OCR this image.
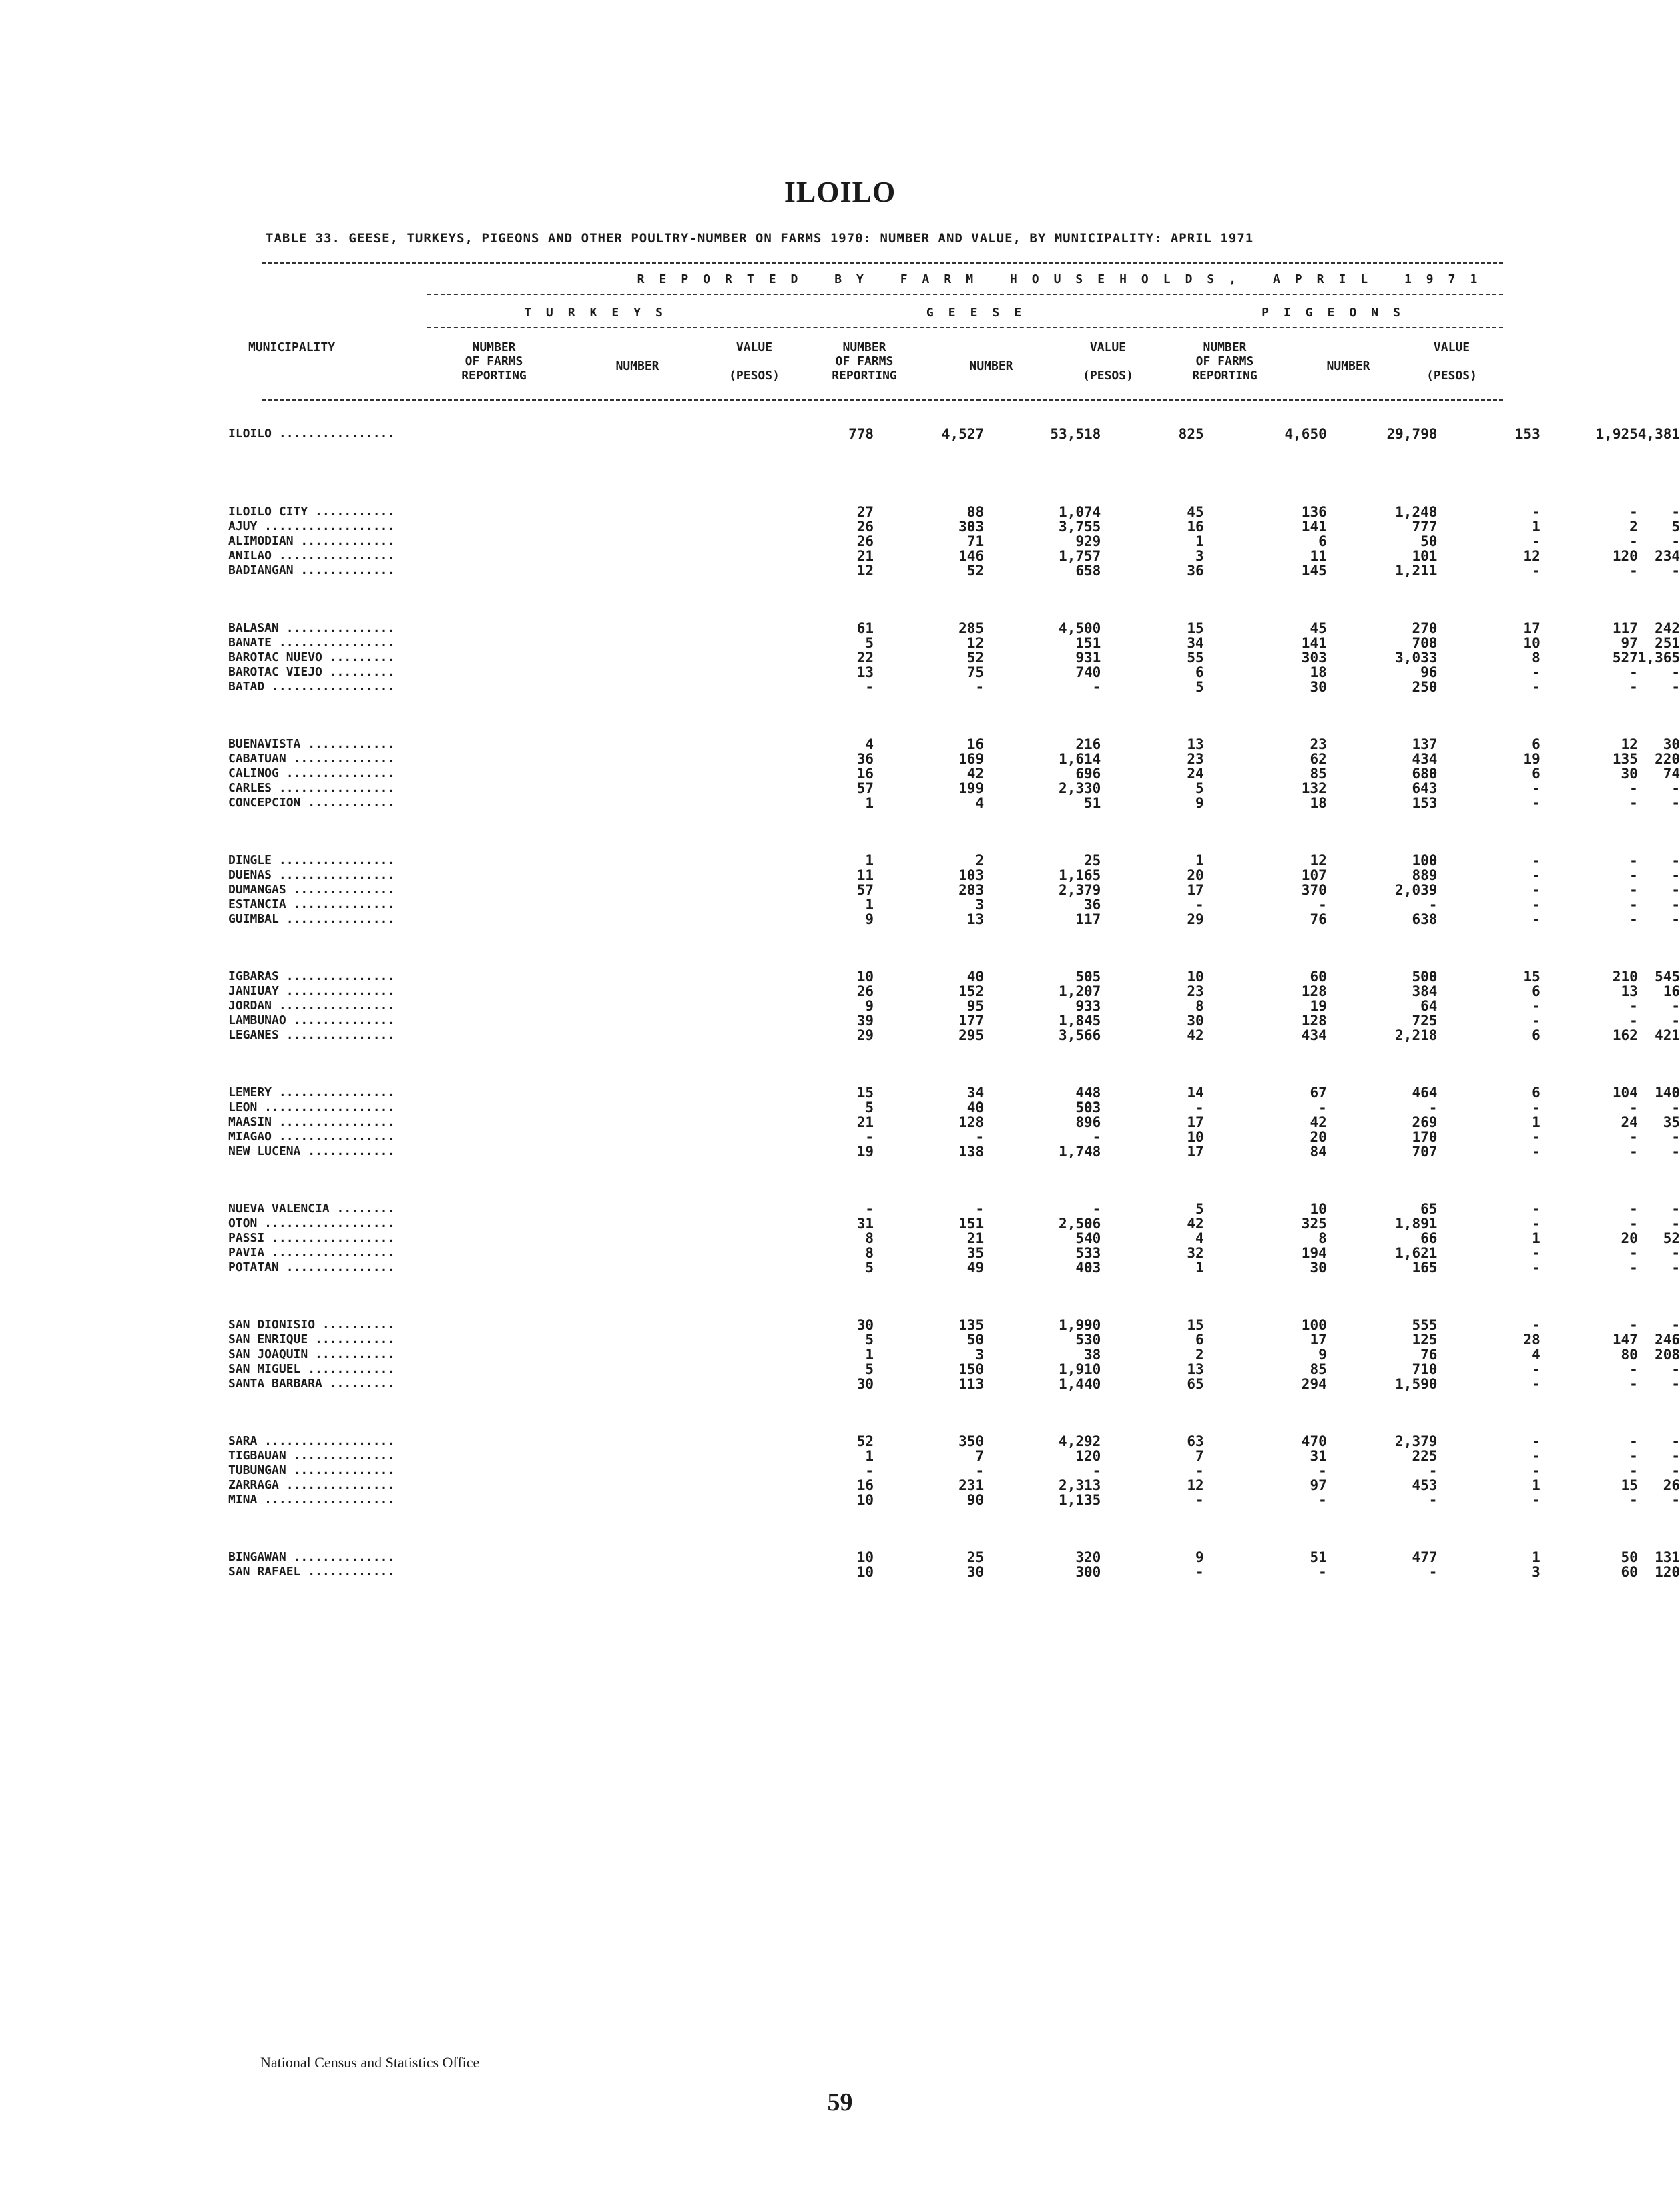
ILOILO
TABLE 33. GEESE, TURKEYS, PIGEONS AND OTHER POULTRY-NUMBER ON FARMS 1970: NUMBER AND VALUE, BY MUNICIPALITY: APRIL 1971
REPORTED BY FARM HOUSEHOLDS, APRIL 1971
TURKEYS	GEESE	PIGEONS
MUNICIPALITY	NUMBER
OF FARMS
REPORTING
NUMBER
VALUE

(PESOS)
NUMBER
OF FARMS
REPORTING
NUMBER
VALUE

(PESOS)
NUMBER
OF FARMS
REPORTING
NUMBER
VALUE

(PESOS)
ILOILO ................		778	4,527	53,518	825	4,650	29,798	153	1,925	4,381

ILOILO CITY ...........		27	88	1,074	45	136	1,248	-	-	-
AJUY ..................		26	303	3,755	16	141	777	1	2	5
ALIMODIAN .............		26	71	929	1	6	50	-	-	-
ANILAO ................		21	146	1,757	3	11	101	12	120	234
BADIANGAN .............		12	52	658	36	145	1,211	-	-	-

BALASAN ...............		61	285	4,500	15	45	270	17	117	242
BANATE ................		5	12	151	34	141	708	10	97	251
BAROTAC NUEVO .........		22	52	931	55	303	3,033	8	527	1,365
BAROTAC VIEJO .........		13	75	740	6	18	96	-	-	-
BATAD .................		-	-	-	5	30	250	-	-	-

BUENAVISTA ............		4	16	216	13	23	137	6	12	30
CABATUAN ..............		36	169	1,614	23	62	434	19	135	220
CALINOG ...............		16	42	696	24	85	680	6	30	74
CARLES ................		57	199	2,330	5	132	643	-	-	-
CONCEPCION ............		1	4	51	9	18	153	-	-	-

DINGLE ................		1	2	25	1	12	100	-	-	-
DUENAS ................		11	103	1,165	20	107	889	-	-	-
DUMANGAS ..............		57	283	2,379	17	370	2,039	-	-	-
ESTANCIA ..............		1	3	36	-	-	-	-	-	-
GUIMBAL ...............		9	13	117	29	76	638	-	-	-

IGBARAS ...............		10	40	505	10	60	500	15	210	545
JANIUAY ...............		26	152	1,207	23	128	384	6	13	16
JORDAN ................		9	95	933	8	19	64	-	-	-
LAMBUNAO ..............		39	177	1,845	30	128	725	-	-	-
LEGANES ...............		29	295	3,566	42	434	2,218	6	162	421

LEMERY ................		15	34	448	14	67	464	6	104	140
LEON ..................		5	40	503	-	-	-	-	-	-
MAASIN ................		21	128	896	17	42	269	1	24	35
MIAGAO ................		-	-	-	10	20	170	-	-	-
NEW LUCENA ............		19	138	1,748	17	84	707	-	-	-

NUEVA VALENCIA ........		-	-	-	5	10	65	-	-	-
OTON ..................		31	151	2,506	42	325	1,891	-	-	-
PASSI .................		8	21	540	4	8	66	1	20	52
PAVIA .................		8	35	533	32	194	1,621	-	-	-
POTATAN ...............		5	49	403	1	30	165	-	-	-

SAN DIONISIO ..........		30	135	1,990	15	100	555	-	-	-
SAN ENRIQUE ...........		5	50	530	6	17	125	28	147	246
SAN JOAQUIN ...........		1	3	38	2	9	76	4	80	208
SAN MIGUEL ............		5	150	1,910	13	85	710	-	-	-
SANTA BARBARA .........		30	113	1,440	65	294	1,590	-	-	-

SARA ..................		52	350	4,292	63	470	2,379	-	-	-
TIGBAUAN ..............		1	7	120	7	31	225	-	-	-
TUBUNGAN ..............		-	-	-	-	-	-	-	-	-
ZARRAGA ...............		16	231	2,313	12	97	453	1	15	26
MINA ..................		10	90	1,135	-	-	-	-	-	-

BINGAWAN ..............		10	25	320	9	51	477	1	50	131
SAN RAFAEL ............		10	30	300	-	-	-	3	60	120
National Census and Statistics Office
59
